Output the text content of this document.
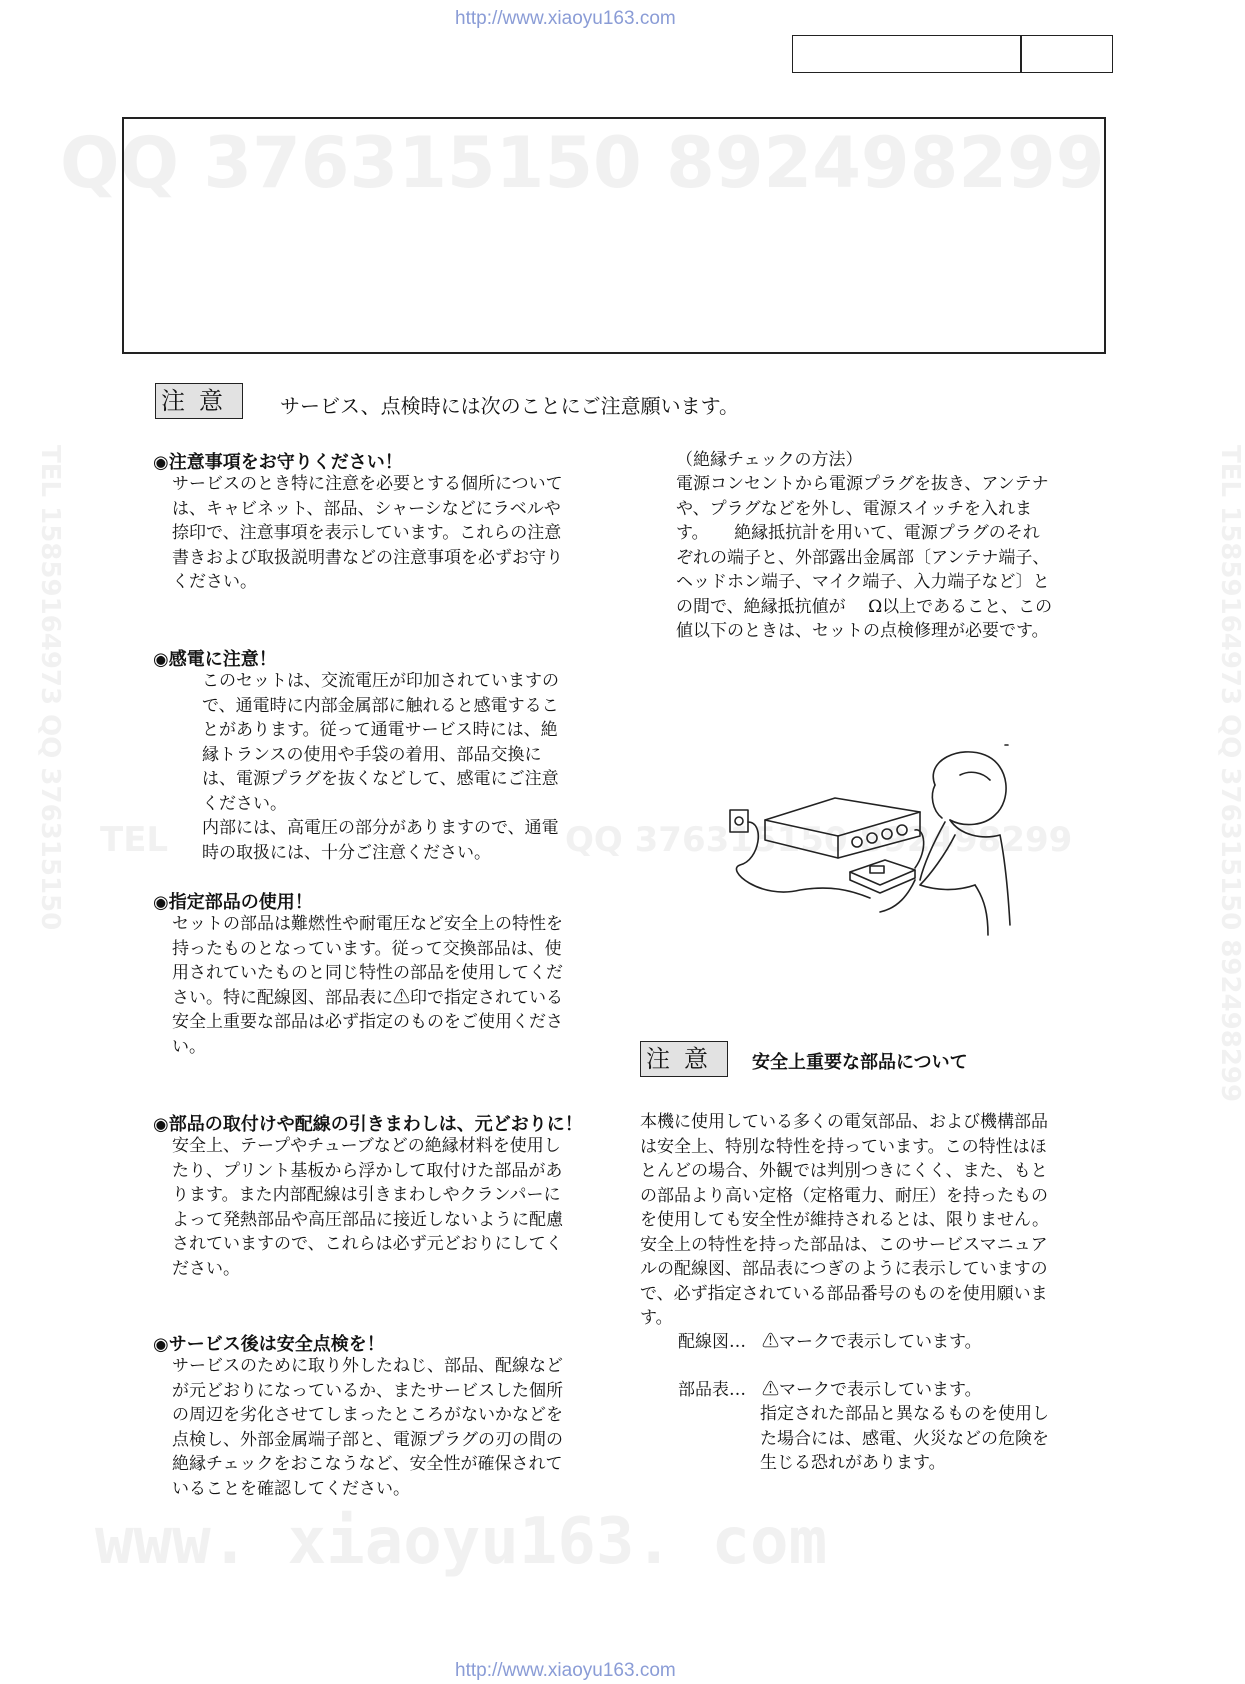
QQ 376315150 892498299
TEL	QQ 376315150 892498299
www. xiaoyu163. com
TEL 15859164973 QQ 376315150 892498299
TEL 15859164973 QQ 376315150
http://www.xiaoyu163.com
注意	サービス、点検時には次のことにご注意願います。
◉注意事項をお守りください！
サービスのとき特に注意を必要とする個所について
は、キャビネット、部品、シャーシなどにラベルや
捺印で、注意事項を表示しています。これらの注意
書きおよび取扱説明書などの注意事項を必ずお守り
ください。
◉感電に注意！
このセットは、交流電圧が印加されていますの
で、通電時に内部金属部に触れると感電するこ
とがあります。従って通電サービス時には、絶
縁トランスの使用や手袋の着用、部品交換に
は、電源プラグを抜くなどして、感電にご注意
ください。
内部には、高電圧の部分がありますので、通電
時の取扱には、十分ご注意ください。
◉指定部品の使用！
セットの部品は難燃性や耐電圧など安全上の特性を
持ったものとなっています。従って交換部品は、使
用されていたものと同じ特性の部品を使用してくだ
さい。特に配線図、部品表に⚠印で指定されている
安全上重要な部品は必ず指定のものをご使用くださ
い。
◉部品の取付けや配線の引きまわしは、元どおりに！
安全上、テープやチューブなどの絶縁材料を使用し
たり、プリント基板から浮かして取付けた部品があ
ります。また内部配線は引きまわしやクランパーに
よって発熱部品や高圧部品に接近しないように配慮
されていますので、これらは必ず元どおりにしてく
ださい。
◉サービス後は安全点検を！
サービスのために取り外したねじ、部品、配線など
が元どおりになっているか、またサービスした個所
の周辺を劣化させてしまったところがないかなどを
点検し、外部金属端子部と、電源プラグの刃の間の
絶縁チェックをおこなうなど、安全性が確保されて
いることを確認してください。
（絶縁チェックの方法）
電源コンセントから電源プラグを抜き、アンテナ
や、プラグなどを外し、電源スイッチを入れま
す。　　絶縁抵抗計を用いて、電源プラグのそれ
ぞれの端子と、外部露出金属部〔アンテナ端子、
ヘッドホン端子、マイク端子、入力端子など〕と
の間で、絶縁抵抗値が　 Ω以上であること、この
値以下のときは、セットの点検修理が必要です。
注意	安全上重要な部品について
本機に使用している多くの電気部品、および機構部品
は安全上、特別な特性を持っています。この特性はほ
とんどの場合、外観では判別つきにくく、また、もと
の部品より高い定格（定格電力、耐圧）を持ったもの
を使用しても安全性が維持されるとは、限りません。
安全上の特性を持った部品は、このサービスマニュア
ルの配線図、部品表につぎのように表示していますの
で、必ず指定されている部品番号のものを使用願いま
す。
配線図… ⚠マークで表示しています。
部品表… ⚠マークで表示しています。
指定された部品と異なるものを使用し
た場合には、感電、火災などの危険を
生じる恐れがあります。
http://www.xiaoyu163.com
